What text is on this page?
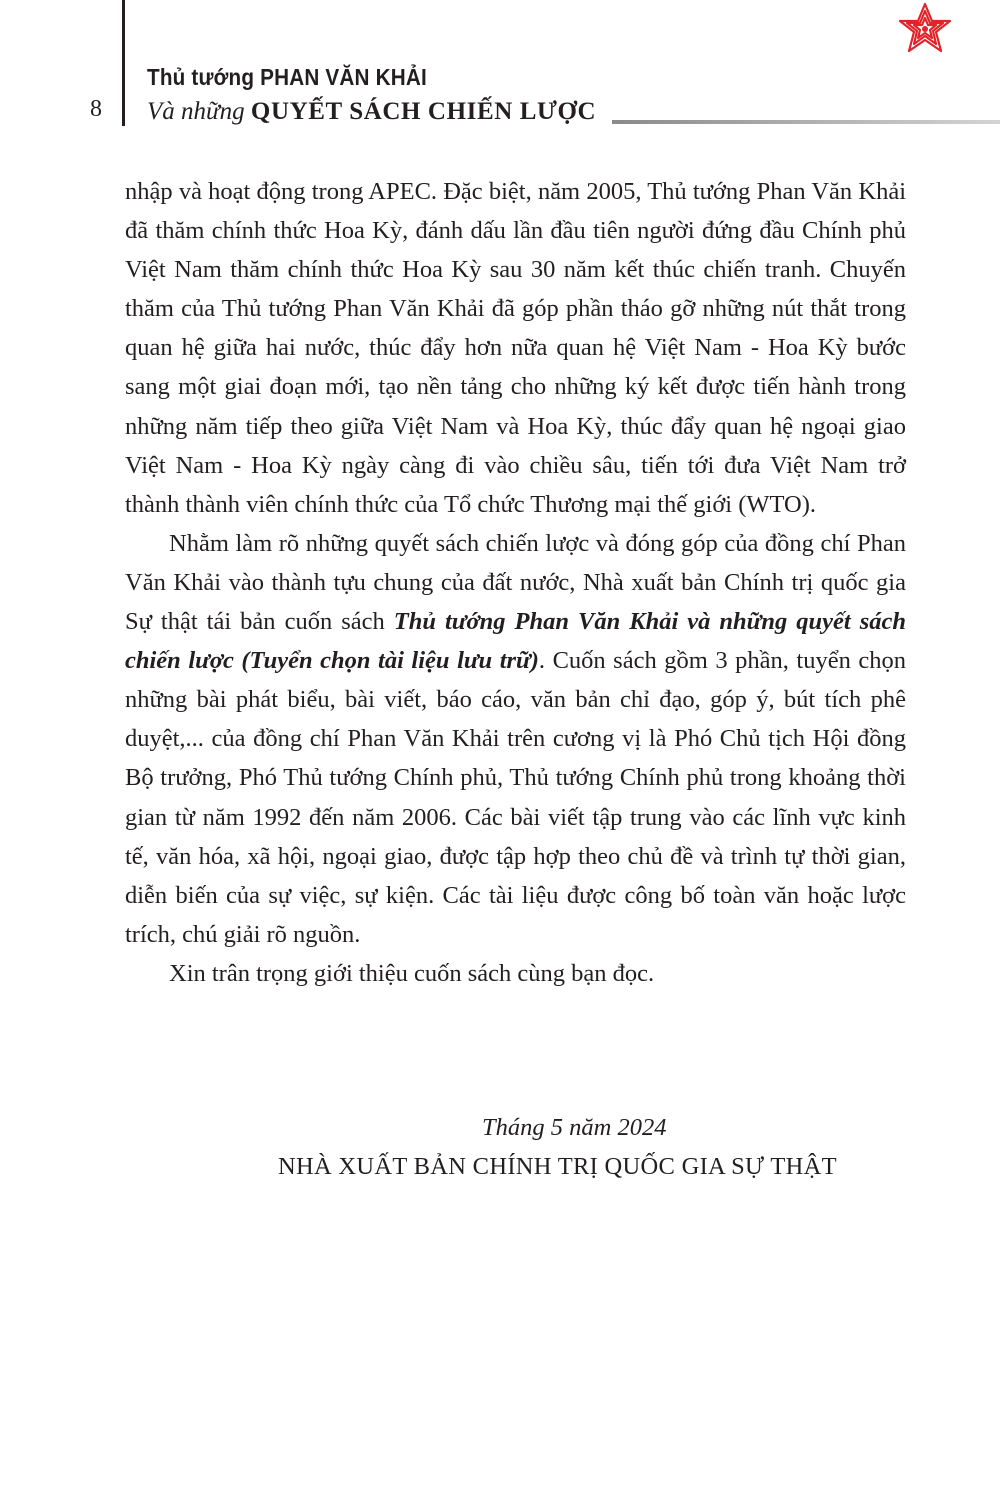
8
Thủ tướng PHAN VĂN KHẢI
Và những QUYẾT SÁCH CHIẾN LƯỢC

nhập và hoạt động trong APEC. Đặc biệt, năm 2005, Thủ tướng Phan Văn Khải đã thăm chính thức Hoa Kỳ, đánh dấu lần đầu tiên người đứng đầu Chính phủ Việt Nam thăm chính thức Hoa Kỳ sau 30 năm kết thúc chiến tranh. Chuyến thăm của Thủ tướng Phan Văn Khải đã góp phần tháo gỡ những nút thắt trong quan hệ giữa hai nước, thúc đẩy hơn nữa quan hệ Việt Nam - Hoa Kỳ bước sang một giai đoạn mới, tạo nền tảng cho những ký kết được tiến hành trong những năm tiếp theo giữa Việt Nam và Hoa Kỳ, thúc đẩy quan hệ ngoại giao Việt Nam - Hoa Kỳ ngày càng đi vào chiều sâu, tiến tới đưa Việt Nam trở thành thành viên chính thức của Tổ chức Thương mại thế giới (WTO).

Nhằm làm rõ những quyết sách chiến lược và đóng góp của đồng chí Phan Văn Khải vào thành tựu chung của đất nước, Nhà xuất bản Chính trị quốc gia Sự thật tái bản cuốn sách Thủ tướng Phan Văn Khải và những quyết sách chiến lược (Tuyển chọn tài liệu lưu trữ). Cuốn sách gồm 3 phần, tuyển chọn những bài phát biểu, bài viết, báo cáo, văn bản chỉ đạo, góp ý, bút tích phê duyệt,... của đồng chí Phan Văn Khải trên cương vị là Phó Chủ tịch Hội đồng Bộ trưởng, Phó Thủ tướng Chính phủ, Thủ tướng Chính phủ trong khoảng thời gian từ năm 1992 đến năm 2006. Các bài viết tập trung vào các lĩnh vực kinh tế, văn hóa, xã hội, ngoại giao, được tập hợp theo chủ đề và trình tự thời gian, diễn biến của sự việc, sự kiện. Các tài liệu được công bố toàn văn hoặc lược trích, chú giải rõ nguồn.

Xin trân trọng giới thiệu cuốn sách cùng bạn đọc.

Tháng 5 năm 2024
NHÀ XUẤT BẢN CHÍNH TRỊ QUỐC GIA SỰ THẬT
